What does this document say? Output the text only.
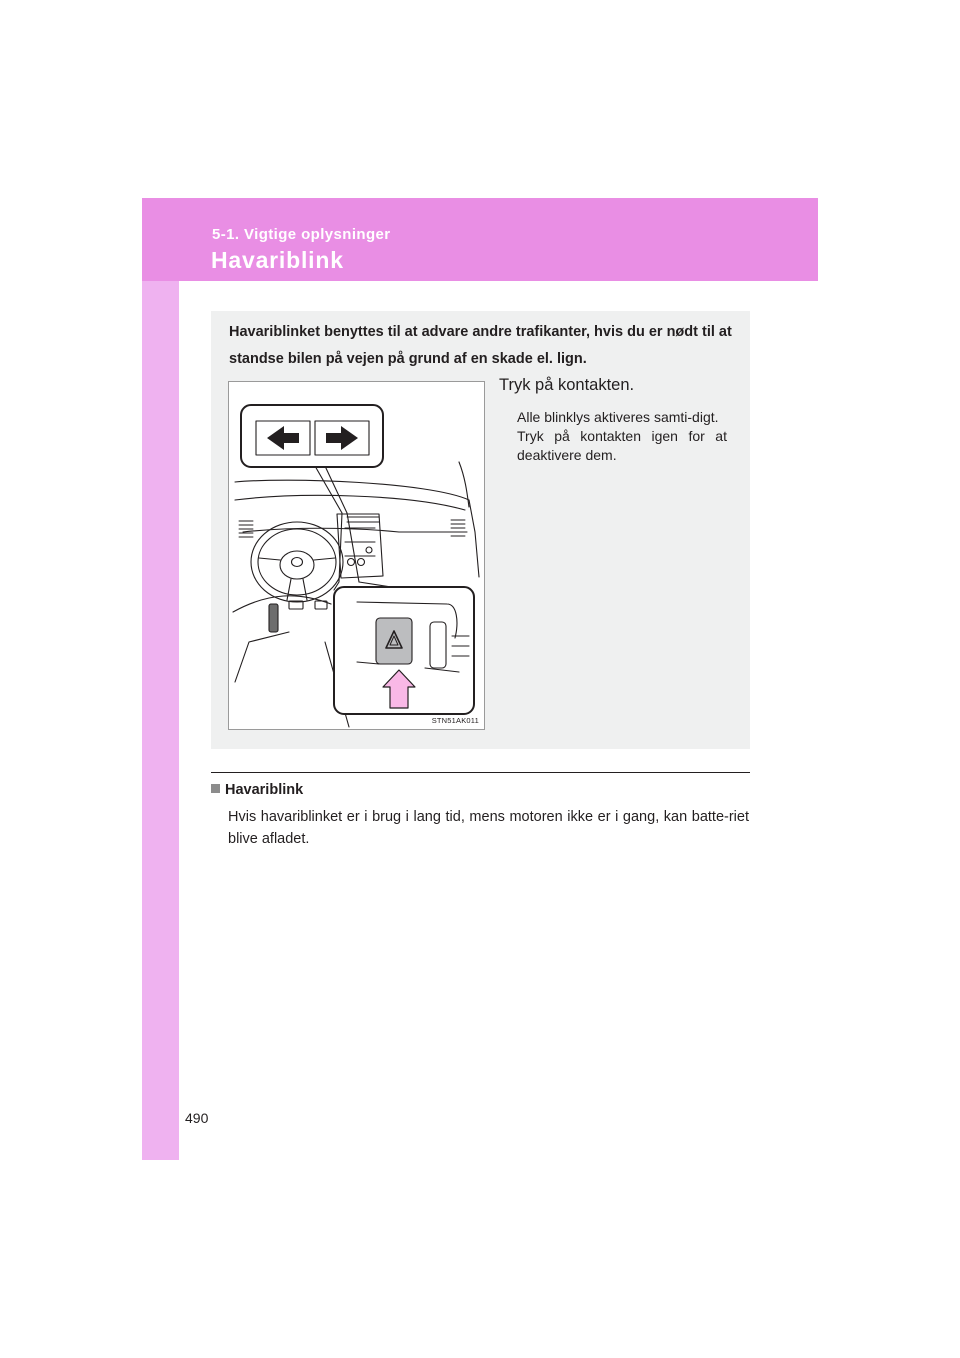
5-1. Vigtige oplysninger
Havariblink
Havariblinket benyttes til at advare andre trafikanter, hvis du er nødt til at standse bilen på vejen på grund af en skade el. lign.
STN51AK011
Tryk på kontakten.
Alle blinklys aktiveres samti-digt.
Tryk på kontakten igen for at deaktivere dem.
Havariblink
Hvis havariblinket er i brug i lang tid, mens motoren ikke er i gang, kan batte-riet blive afladet.
490
